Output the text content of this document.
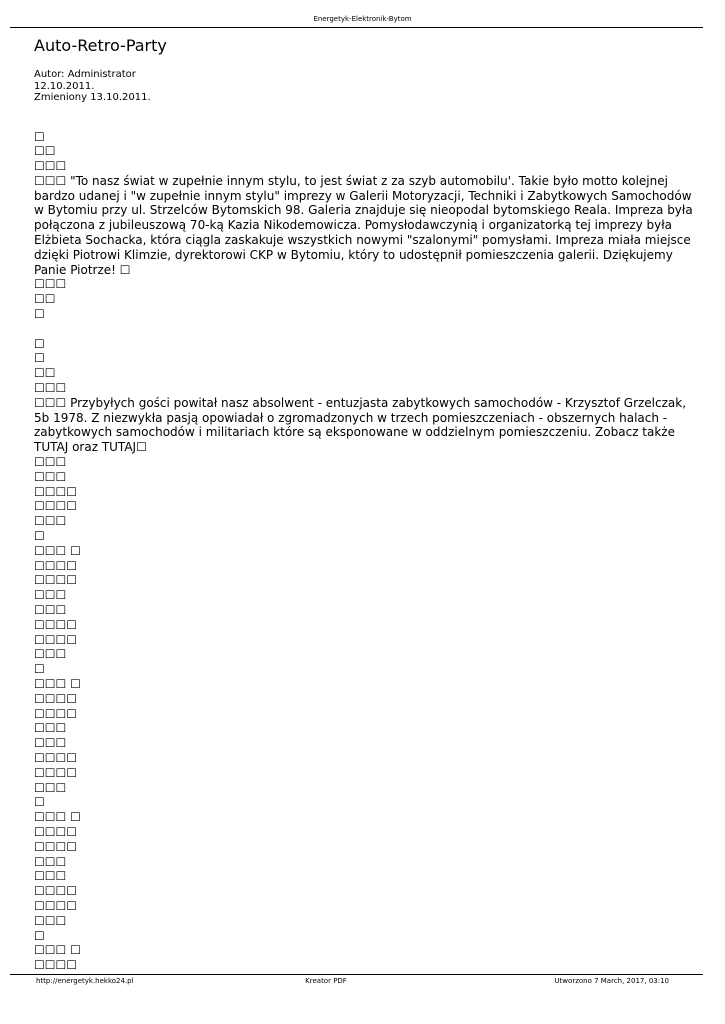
Energetyk-Elektronik-Bytom
Auto-Retro-Party
Autor: Administrator
12.10.2011.
Zmieniony 13.10.2011.
☐
☐☐
☐☐☐
☐☐☐ "To nasz świat w zupełnie innym stylu, to jest świat z za szyb automobilu'. Takie było motto kolejnej bardzo udanej i "w zupełnie innym stylu" imprezy w Galerii Motoryzacji, Techniki i Zabytkowych Samochodów w Bytomiu przy ul. Strzelców Bytomskich 98. Galeria znajduje się nieopodal bytomskiego Reala. Impreza była połączona z jubileuszową 70-ką Kazia Nikodemowicza. Pomysłodawczynią i organizatorką tej imprezy była Elżbieta Sochacka, która ciągla zaskakuje wszystkich nowymi "szalonymi" pomysłami. Impreza miała miejsce dzięki Piotrowi Klimzie, dyrektorowi CKP w Bytomiu, który to udostępnił pomieszczenia galerii. Dziękujemy Panie Piotrze! ☐
☐☐☐
☐☐
☐
☐
☐
☐☐
☐☐☐
☐☐☐ Przybyłych gości powitał nasz absolwent - entuzjasta zabytkowych samochodów - Krzysztof Grzelczak, 5b 1978. Z niezwykła pasją opowiadał o zgromadzonych w trzech pomieszczeniach - obszernych halach - zabytkowych samochodów i militariach które są eksponowane w oddzielnym pomieszczeniu. Zobacz także TUTAJ oraz TUTAJ☐
☐☐☐
☐☐☐
☐☐☐☐
☐☐☐☐
☐☐☐
☐
☐☐☐ ☐
☐☐☐☐
☐☐☐☐
☐☐☐
☐☐☐
☐☐☐☐
☐☐☐☐
☐☐☐
☐
☐☐☐ ☐
☐☐☐☐
☐☐☐☐
☐☐☐
☐☐☐
☐☐☐☐
☐☐☐☐
☐☐☐
☐
☐☐☐ ☐
☐☐☐☐
☐☐☐☐
☐☐☐
☐☐☐
☐☐☐☐
☐☐☐☐
☐☐☐
☐
☐☐☐ ☐
☐☐☐☐
http://energetyk.hekko24.pl	Kreator PDF	Utworzono 7 March, 2017, 03:10
